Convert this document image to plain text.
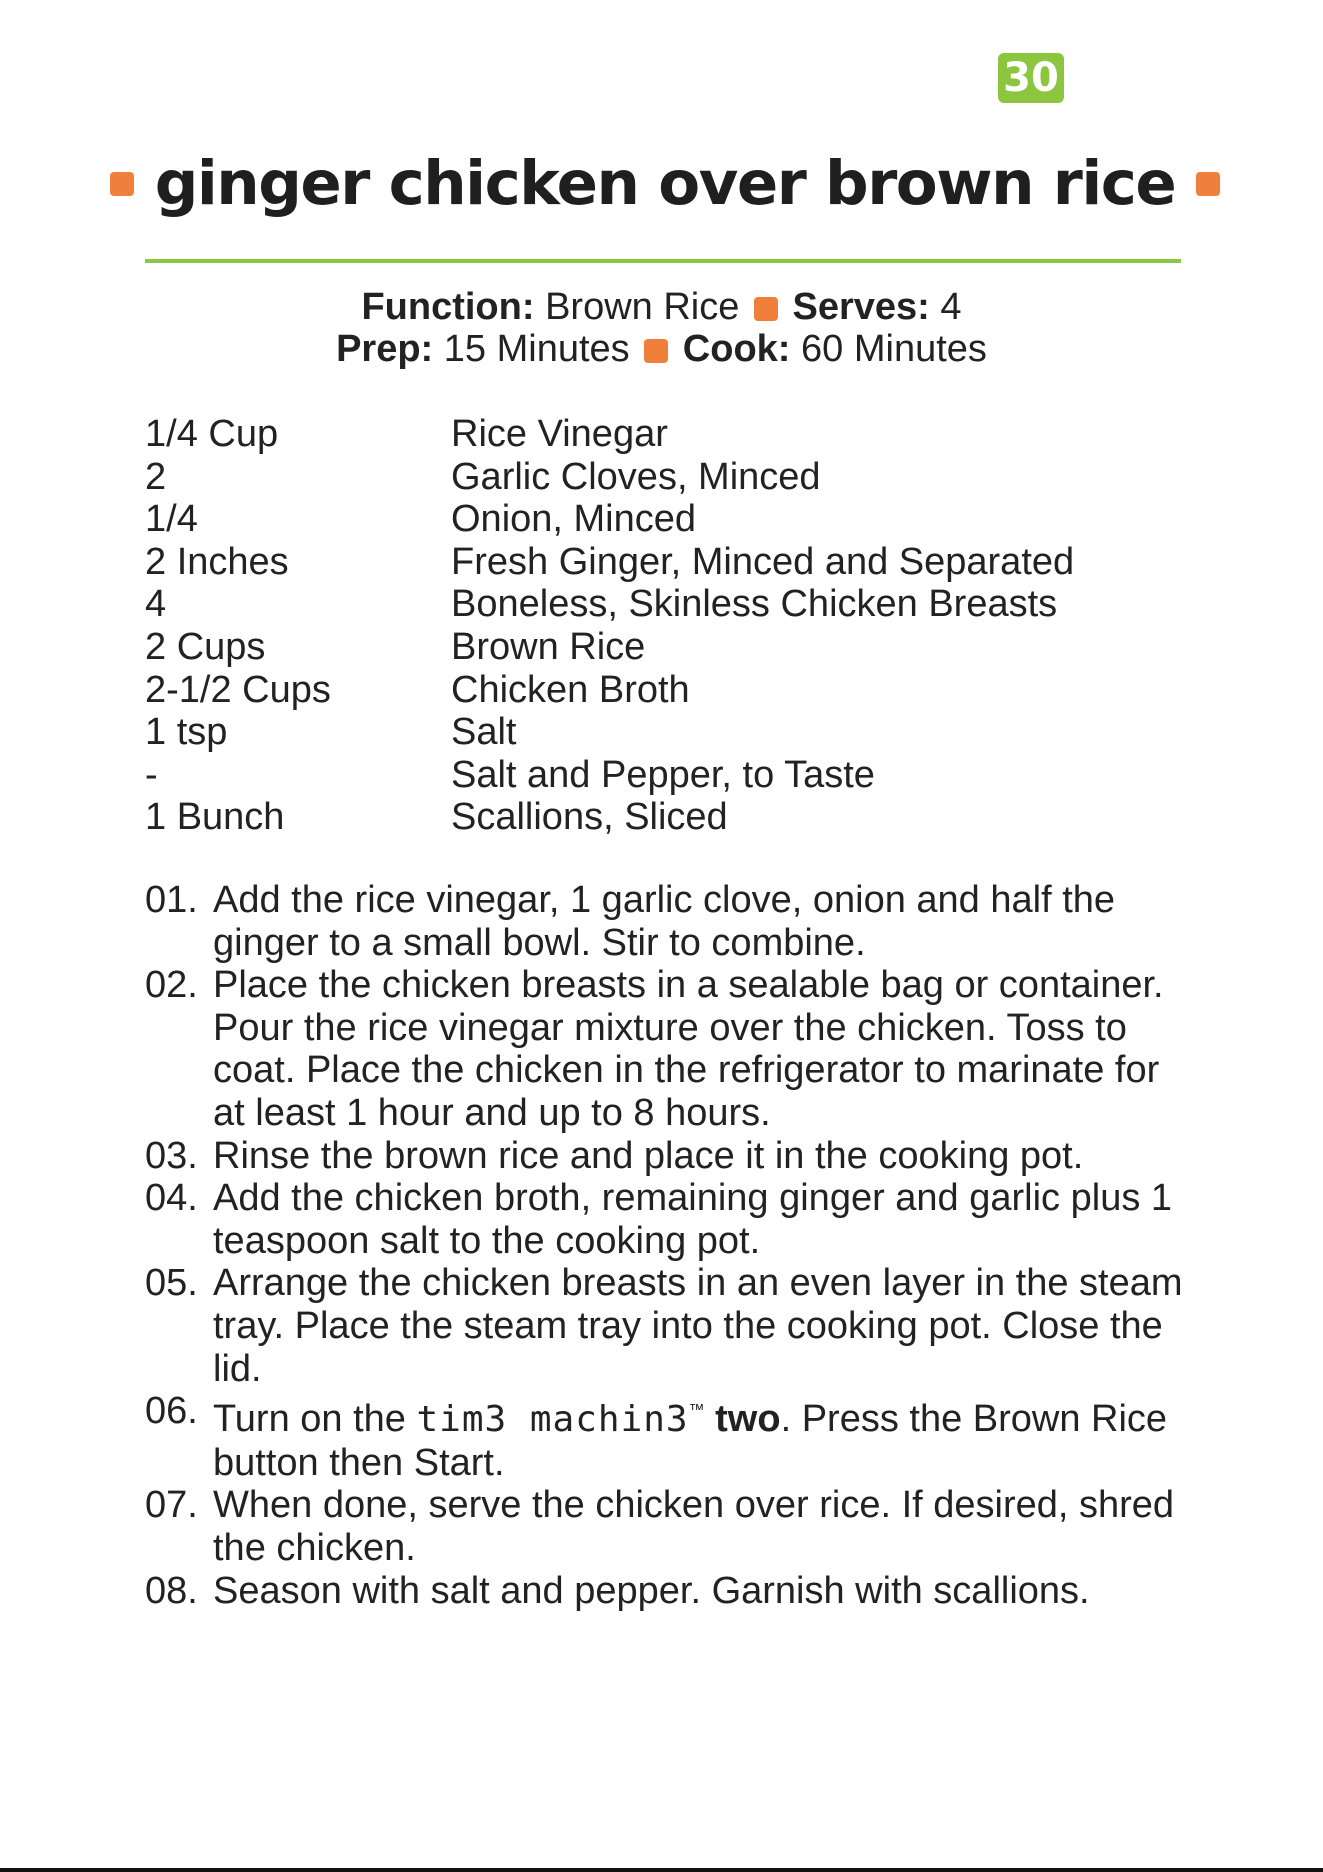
30
ginger chicken over brown rice
Function: Brown Rice Serves: 4
Prep: 15 Minutes Cook: 60 Minutes
1/4 Cup	Rice Vinegar
2	Garlic Cloves, Minced
1/4	Onion, Minced
2 Inches	Fresh Ginger, Minced and Separated
4	Boneless, Skinless Chicken Breasts
2 Cups	Brown Rice
2-1/2 Cups	Chicken Broth
1 tsp	Salt
-	Salt and Pepper, to Taste
1 Bunch	Scallions, Sliced
01. Add the rice vinegar, 1 garlic clove, onion and half the ginger to a small bowl. Stir to combine.
02. Place the chicken breasts in a sealable bag or container. Pour the rice vinegar mixture over the chicken. Toss to coat. Place the chicken in the refrigerator to marinate for at least 1 hour and up to 8 hours.
03. Rinse the brown rice and place it in the cooking pot.
04. Add the chicken broth, remaining ginger and garlic plus 1 teaspoon salt to the cooking pot.
05. Arrange the chicken breasts in an even layer in the steam tray. Place the steam tray into the cooking pot. Close the lid.
06. Turn on the tim3 machin3™ two. Press the Brown Rice button then Start.
07. When done, serve the chicken over rice. If desired, shred the chicken.
08. Season with salt and pepper. Garnish with scallions.
